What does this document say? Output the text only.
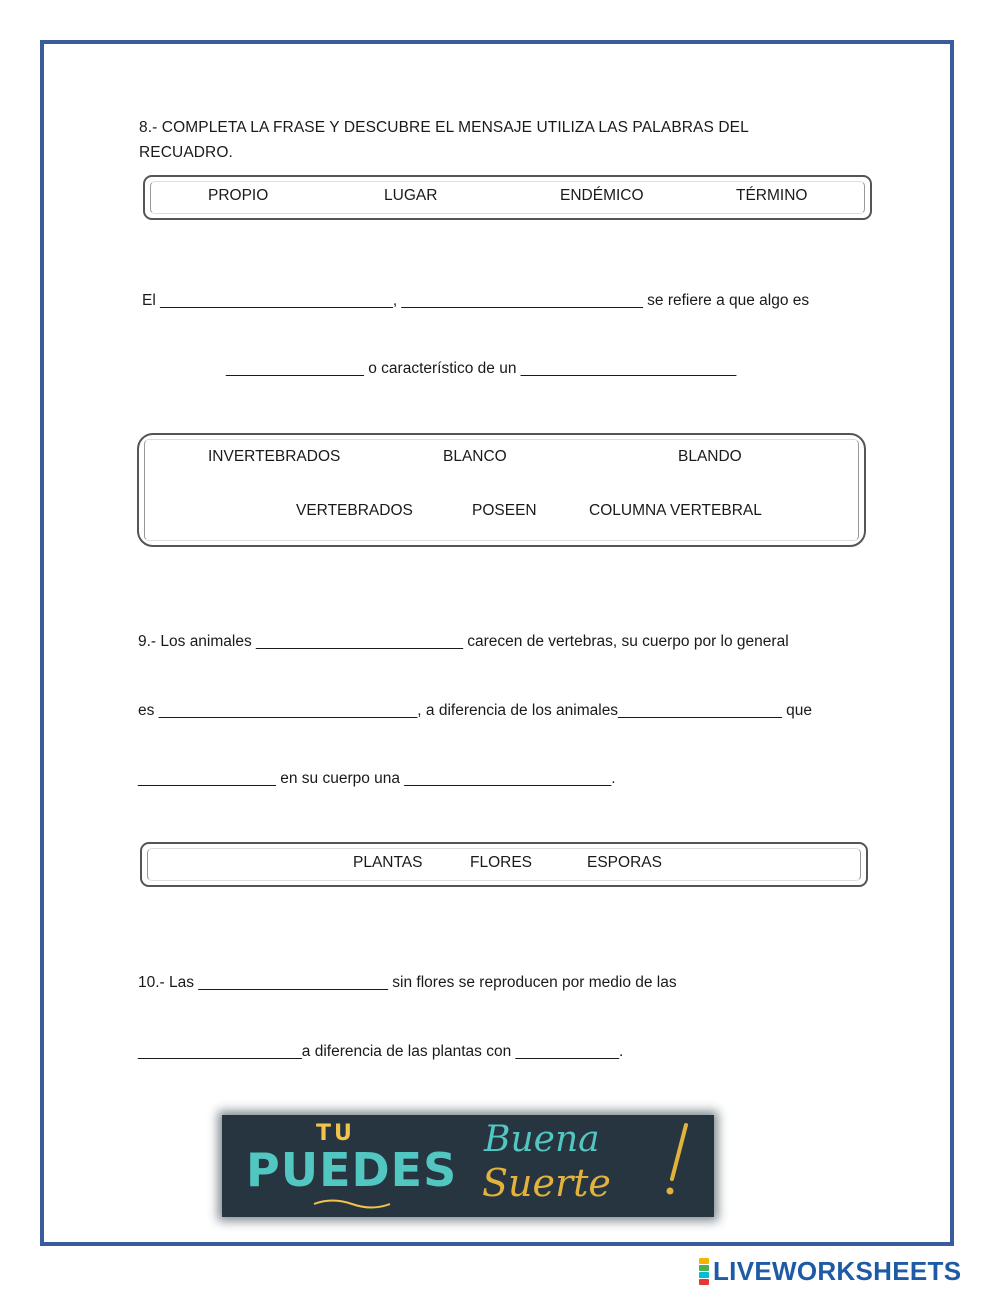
8.- COMPLETA LA FRASE Y DESCUBRE EL MENSAJE UTILIZA LAS PALABRAS DEL
RECUADRO.
PROPIO	LUGAR	ENDÉMICO	TÉRMINO
El ___________________________, ____________________________ se refiere a que algo es
________________ o característico de un _________________________
INVERTEBRADOS	BLANCO	BLANDO
VERTEBRADOS	POSEEN	COLUMNA VERTEBRAL
9.- Los animales ________________________ carecen de vertebras, su cuerpo por lo general
es ______________________________, a diferencia de los animales___________________ que
________________ en su cuerpo una ________________________.
PLANTAS	FLORES	ESPORAS
10.- Las ______________________ sin flores se reproducen por medio de las
___________________a diferencia de las plantas con ____________.
TU
PUEDES
Buena
Suerte
LIVEWORKSHEETS
